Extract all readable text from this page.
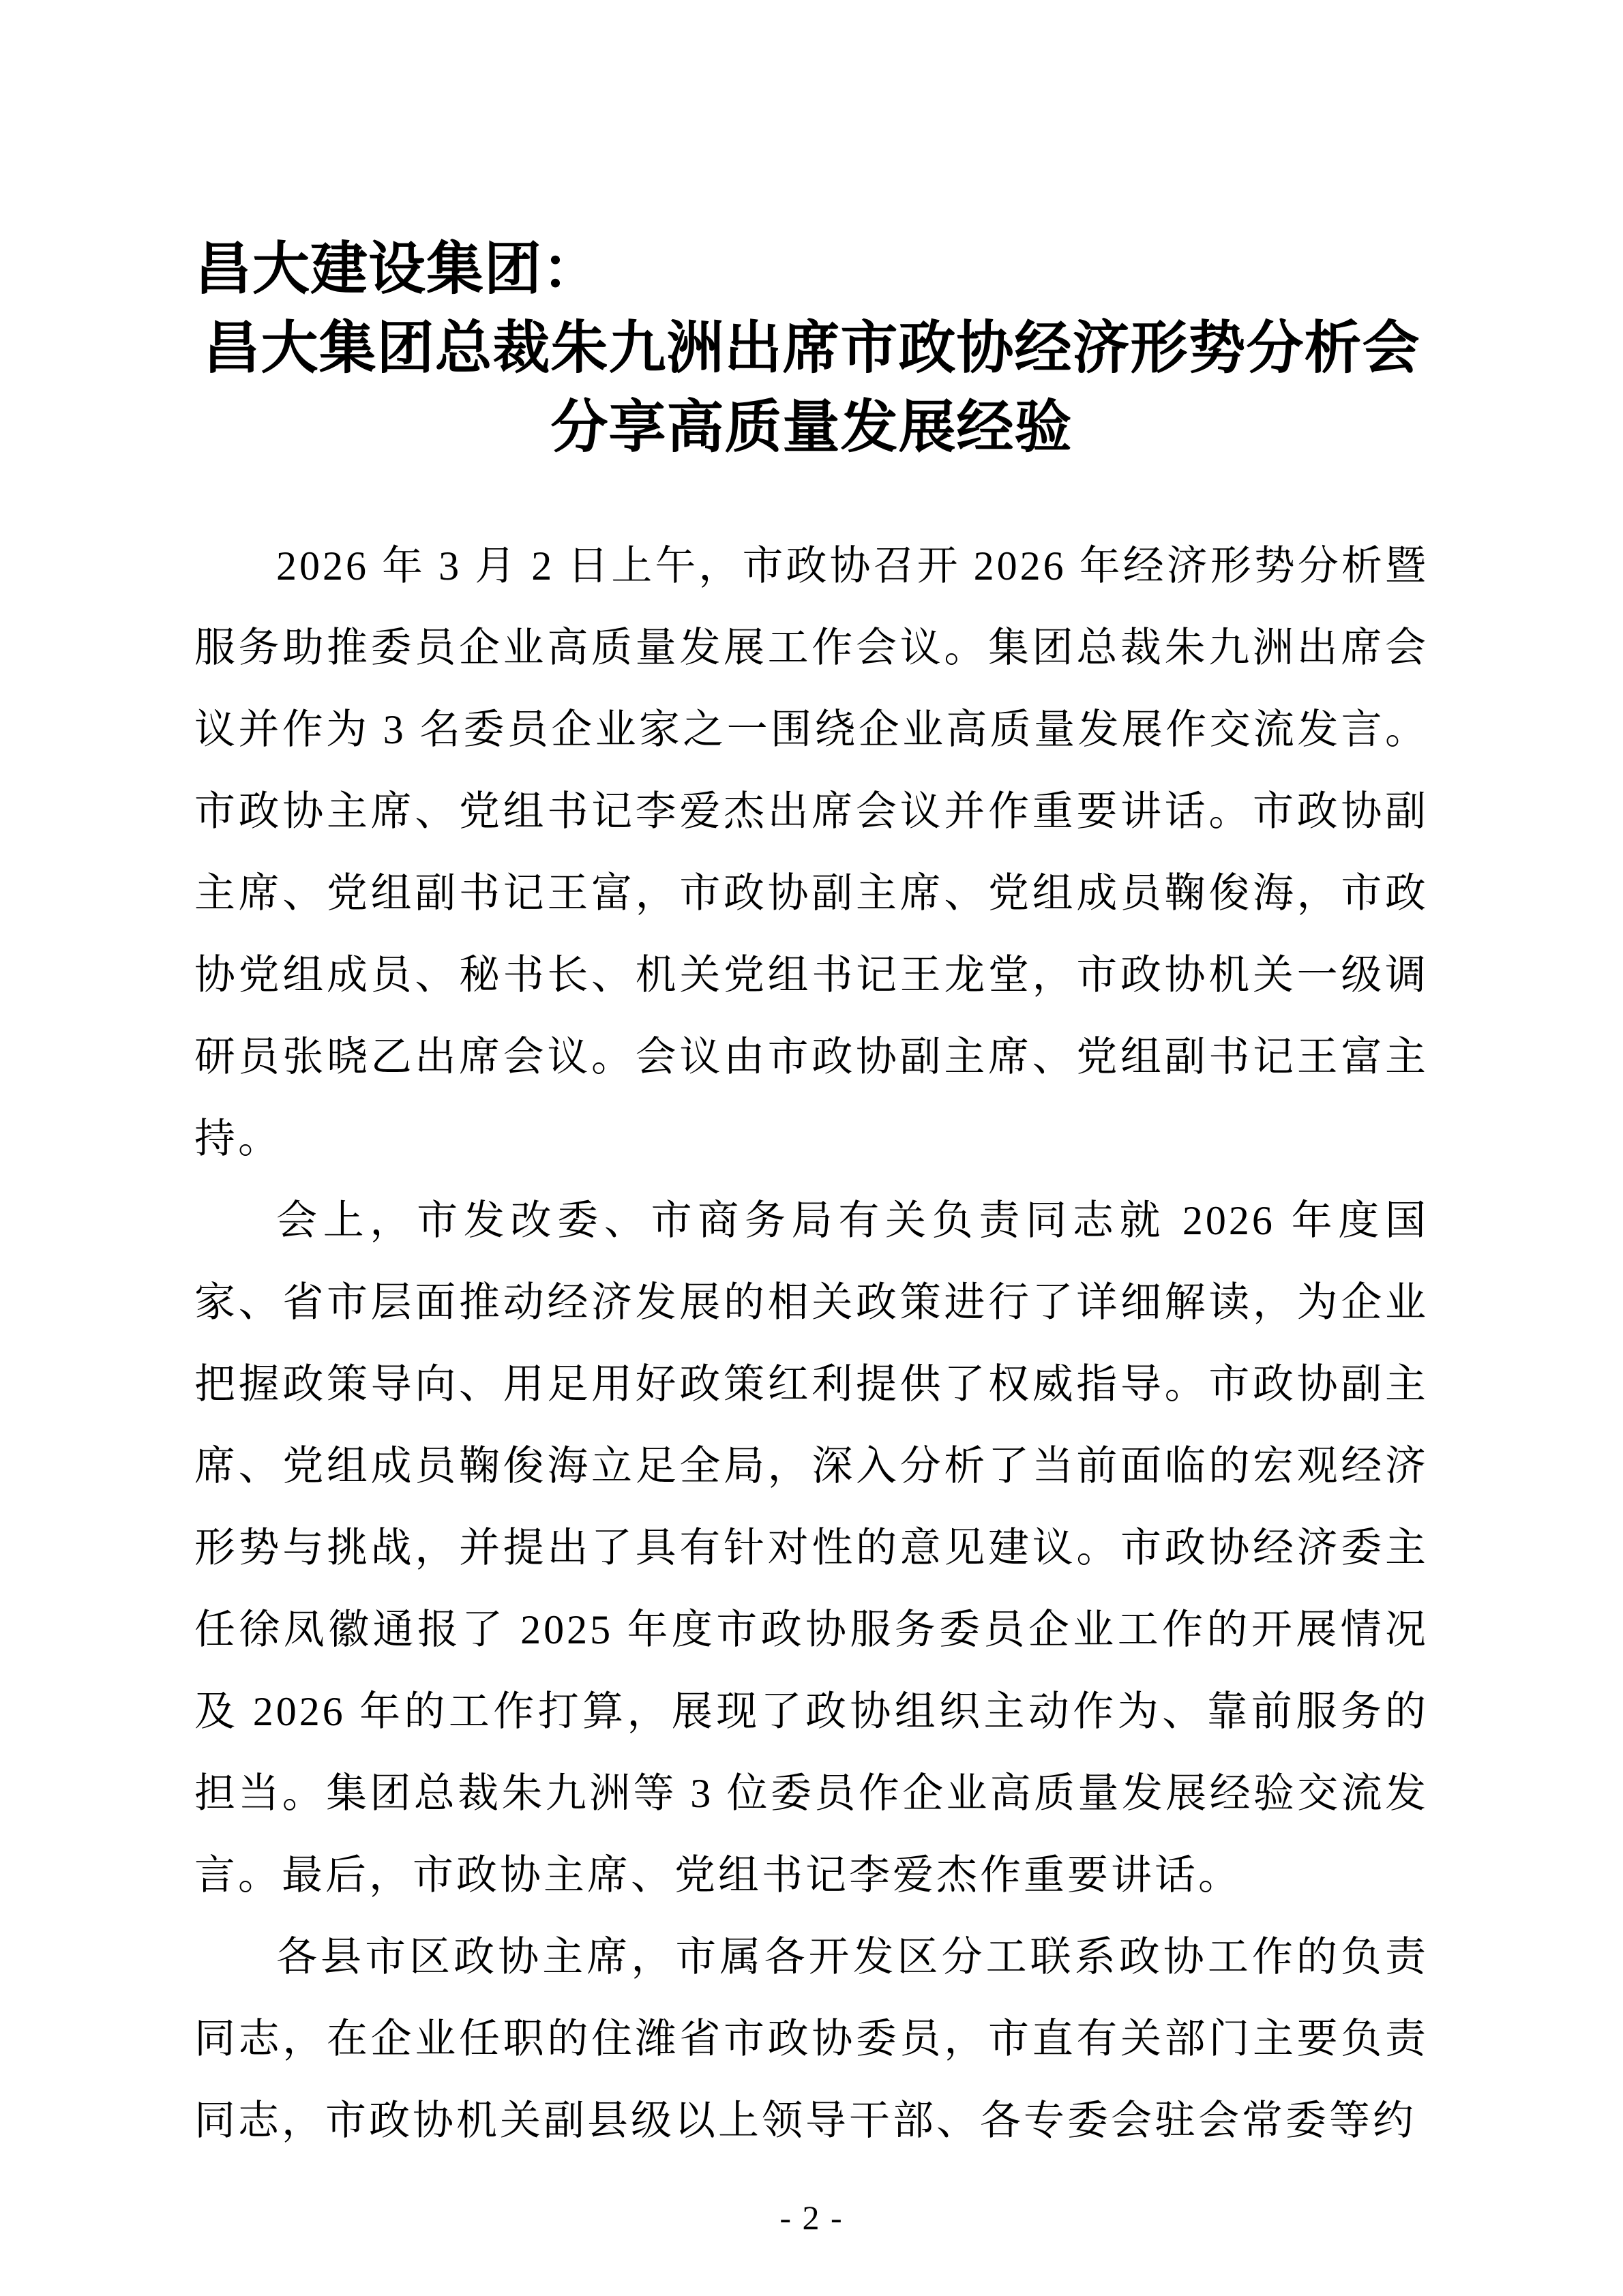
昌大建设集团：
昌大集团总裁朱九洲出席市政协经济形势分析会
分享高质量发展经验

2026 年 3 月 2 日上午，市政协召开 2026 年经济形势分析暨服务助推委员企业高质量发展工作会议。集团总裁朱九洲出席会议并作为 3 名委员企业家之一围绕企业高质量发展作交流发言。市政协主席、党组书记李爱杰出席会议并作重要讲话。市政协副主席、党组副书记王富，市政协副主席、党组成员鞠俊海，市政协党组成员、秘书长、机关党组书记王龙堂，市政协机关一级调研员张晓乙出席会议。会议由市政协副主席、党组副书记王富主持。

会上，市发改委、市商务局有关负责同志就 2026 年度国家、省市层面推动经济发展的相关政策进行了详细解读，为企业把握政策导向、用足用好政策红利提供了权威指导。市政协副主席、党组成员鞠俊海立足全局，深入分析了当前面临的宏观经济形势与挑战，并提出了具有针对性的意见建议。市政协经济委主任徐凤徽通报了 2025 年度市政协服务委员企业工作的开展情况及 2026 年的工作打算，展现了政协组织主动作为、靠前服务的担当。集团总裁朱九洲等 3 位委员作企业高质量发展经验交流发言。最后，市政协主席、党组书记李爱杰作重要讲话。

各县市区政协主席，市属各开发区分工联系政协工作的负责同志，在企业任职的住潍省市政协委员，市直有关部门主要负责同志，市政协机关副县级以上领导干部、各专委会驻会常委等约

- 2 -
